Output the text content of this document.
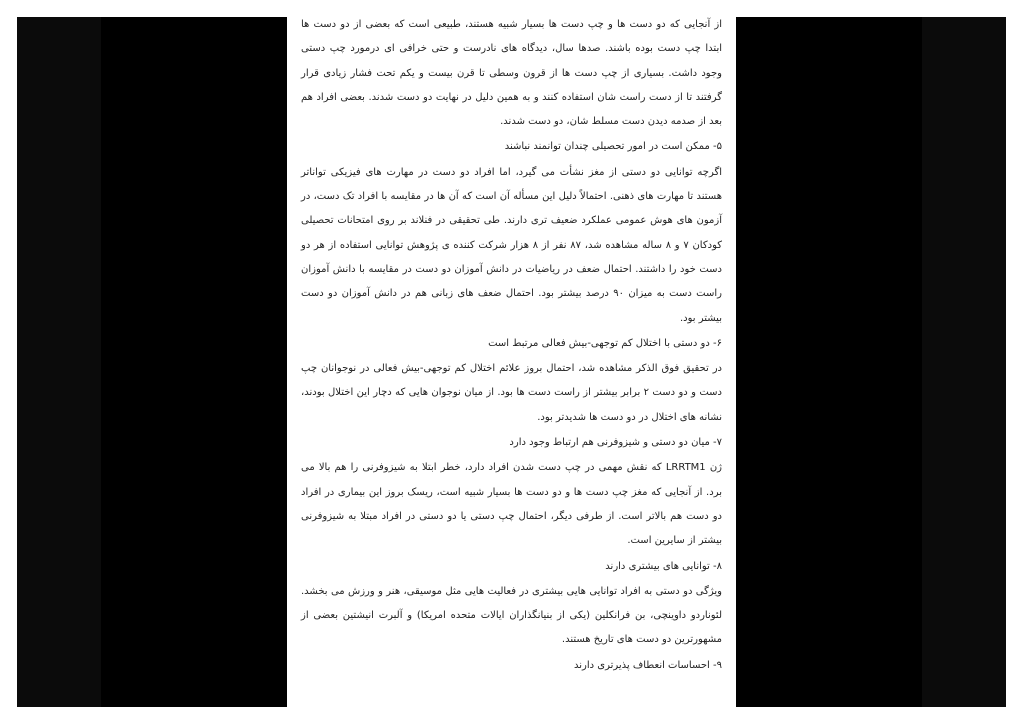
از آنجایی که دو دست ها و چپ دست ها بسیار شبیه هستند، طبیعی است که بعضی از دو دست ها ابتدا چپ دست بوده باشند. صدها سال، دیدگاه های نادرست و حتی خرافی ای درمورد چپ دستی وجود داشت. بسیاری از چپ دست ها از قرون وسطی تا قرن بیست و یکم تحت فشار زیادی قرار گرفتند تا از دست راست شان استفاده کنند و به همین دلیل در نهایت دو دست شدند. بعضی افراد هم بعد از صدمه دیدن دست مسلط شان، دو دست شدند.

۵- ممکن است در امور تحصیلی چندان توانمند نباشند

اگرچه توانایی دو دستی از مغز نشأت می گیرد، اما افراد دو دست در مهارت های فیزیکی تواناتر هستند تا مهارت های ذهنی. احتمالاً دلیل این مسأله آن است که آن ها در مقایسه با افراد تک دست، در آزمون های هوش عمومی عملکرد ضعیف تری دارند. طی تحقیقی در فنلاند بر روی امتحانات تحصیلی کودکان ۷ و ۸ ساله مشاهده شد، ۸۷ نفر از ۸ هزار شرکت کننده ی پژوهش توانایی استفاده از هر دو دست خود را داشتند. احتمال ضعف در ریاضیات در دانش آموزان دو دست در مقایسه با دانش آموزان راست دست به میزان ۹۰ درصد بیشتر بود. احتمال ضعف های زبانی هم در دانش آموزان دو دست بیشتر بود.

۶- دو دستی با اختلال کم توجهی-بیش فعالی مرتبط است

در تحقیق فوق الذکر مشاهده شد، احتمال بروز علائم اختلال کم توجهی-بیش فعالی در نوجوانان چپ دست و دو دست ۲ برابر بیشتر از راست دست ها بود. از میان نوجوان هایی که دچار این اختلال بودند، نشانه های اختلال در دو دست ها شدیدتر بود.

۷- میان دو دستی و شیزوفرنی هم ارتباط وجود دارد

ژن LRRTM1 که نقش مهمی در چپ دست شدن افراد دارد، خطر ابتلا به شیزوفرنی را هم بالا می برد. از آنجایی که مغز چپ دست ها و دو دست ها بسیار شبیه است، ریسک بروز این بیماری در افراد دو دست هم بالاتر است. از طرفی دیگر، احتمال چپ دستی یا دو دستی در افراد مبتلا به شیزوفرنی بیشتر از سایرین است.

۸- توانایی های بیشتری دارند

ویژگی دو دستی به افراد توانایی هایی بیشتری در فعالیت هایی مثل موسیقی، هنر و ورزش می بخشد. لئوناردو داوینچی، بن فرانکلین (یکی از بنیانگذاران ایالات متحده امریکا) و آلبرت انیشتین بعضی از مشهورترین دو دست های تاریخ هستند.

۹- احساسات انعطاف پذیرتری دارند
